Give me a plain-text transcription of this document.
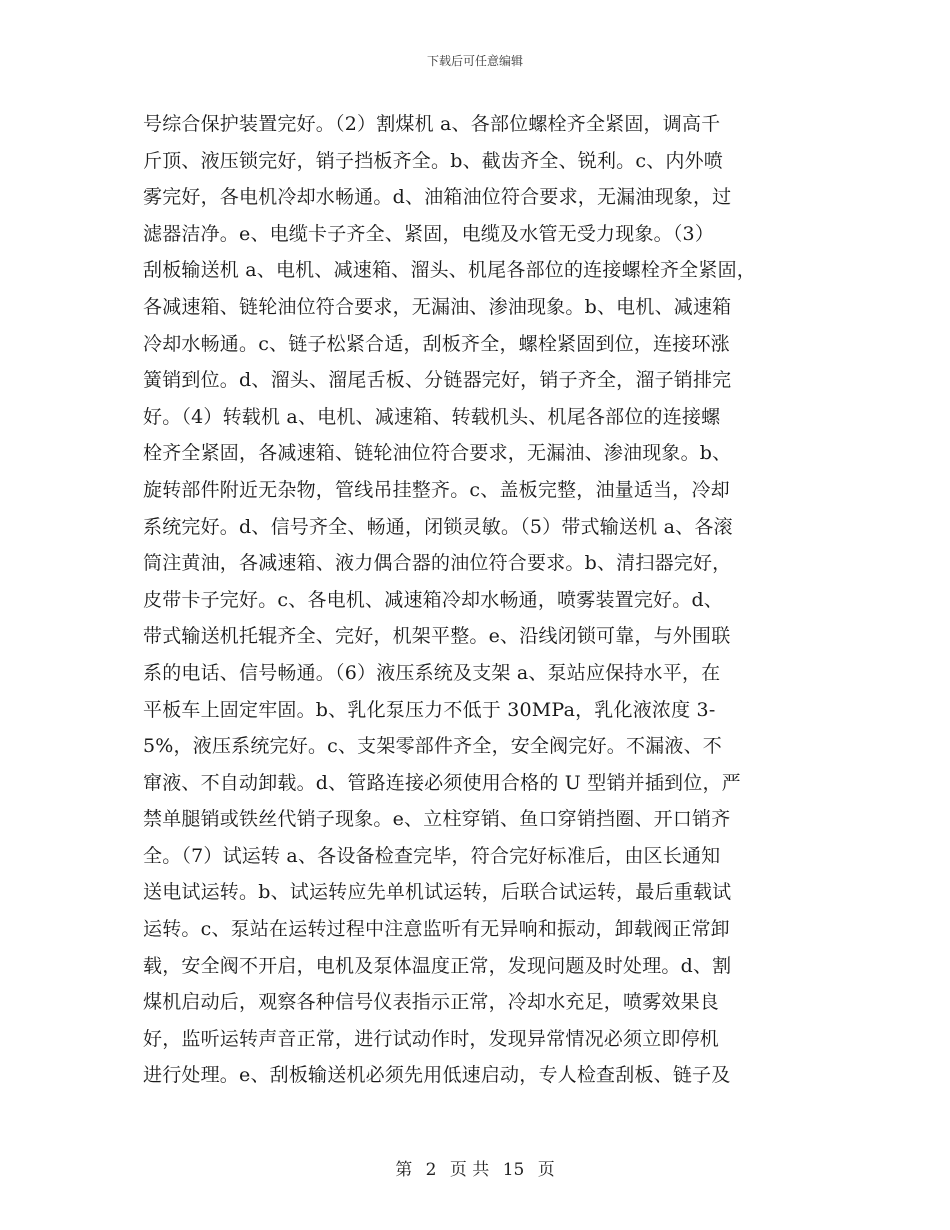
下载后可任意编辑
号综合保护装置完好。（2）割煤机 a、各部位螺栓齐全紧固，调高千
斤顶、液压锁完好，销子挡板齐全。b、截齿齐全、锐利。c、内外喷
雾完好，各电机冷却水畅通。d、油箱油位符合要求，无漏油现象，过
滤器洁净。e、电缆卡子齐全、紧固，电缆及水管无受力现象。（3）
刮板输送机 a、电机、减速箱、溜头、机尾各部位的连接螺栓齐全紧固，
各减速箱、链轮油位符合要求，无漏油、渗油现象。b、电机、减速箱
冷却水畅通。c、链子松紧合适，刮板齐全，螺栓紧固到位，连接环涨
簧销到位。d、溜头、溜尾舌板、分链器完好，销子齐全，溜子销排完
好。（4）转载机 a、电机、减速箱、转载机头、机尾各部位的连接螺
栓齐全紧固，各减速箱、链轮油位符合要求，无漏油、渗油现象。b、
旋转部件附近无杂物，管线吊挂整齐。c、盖板完整，油量适当，冷却
系统完好。d、信号齐全、畅通，闭锁灵敏。（5）带式输送机 a、各滚
筒注黄油，各减速箱、液力偶合器的油位符合要求。b、清扫器完好，
皮带卡子完好。c、各电机、减速箱冷却水畅通，喷雾装置完好。d、
带式输送机托辊齐全、完好，机架平整。e、沿线闭锁可靠，与外围联
系的电话、信号畅通。（6）液压系统及支架 a、泵站应保持水平，在
平板车上固定牢固。b、乳化泵压力不低于 30MPa，乳化液浓度 3-
5%，液压系统完好。c、支架零部件齐全，安全阀完好。不漏液、不
窜液、不自动卸载。d、管路连接必须使用合格的 U 型销并插到位，严
禁单腿销或铁丝代销子现象。e、立柱穿销、鱼口穿销挡圈、开口销齐
全。（7）试运转 a、各设备检查完毕，符合完好标准后，由区长通知
送电试运转。b、试运转应先单机试运转，后联合试运转，最后重载试
运转。c、泵站在运转过程中注意监听有无异响和振动，卸载阀正常卸
载，安全阀不开启，电机及泵体温度正常，发现问题及时处理。d、割
煤机启动后，观察各种信号仪表指示正常，冷却水充足，喷雾效果良
好，监听运转声音正常，进行试动作时，发现异常情况必须立即停机
进行处理。e、刮板输送机必须先用低速启动，专人检查刮板、链子及
第 2 页 共 15 页
